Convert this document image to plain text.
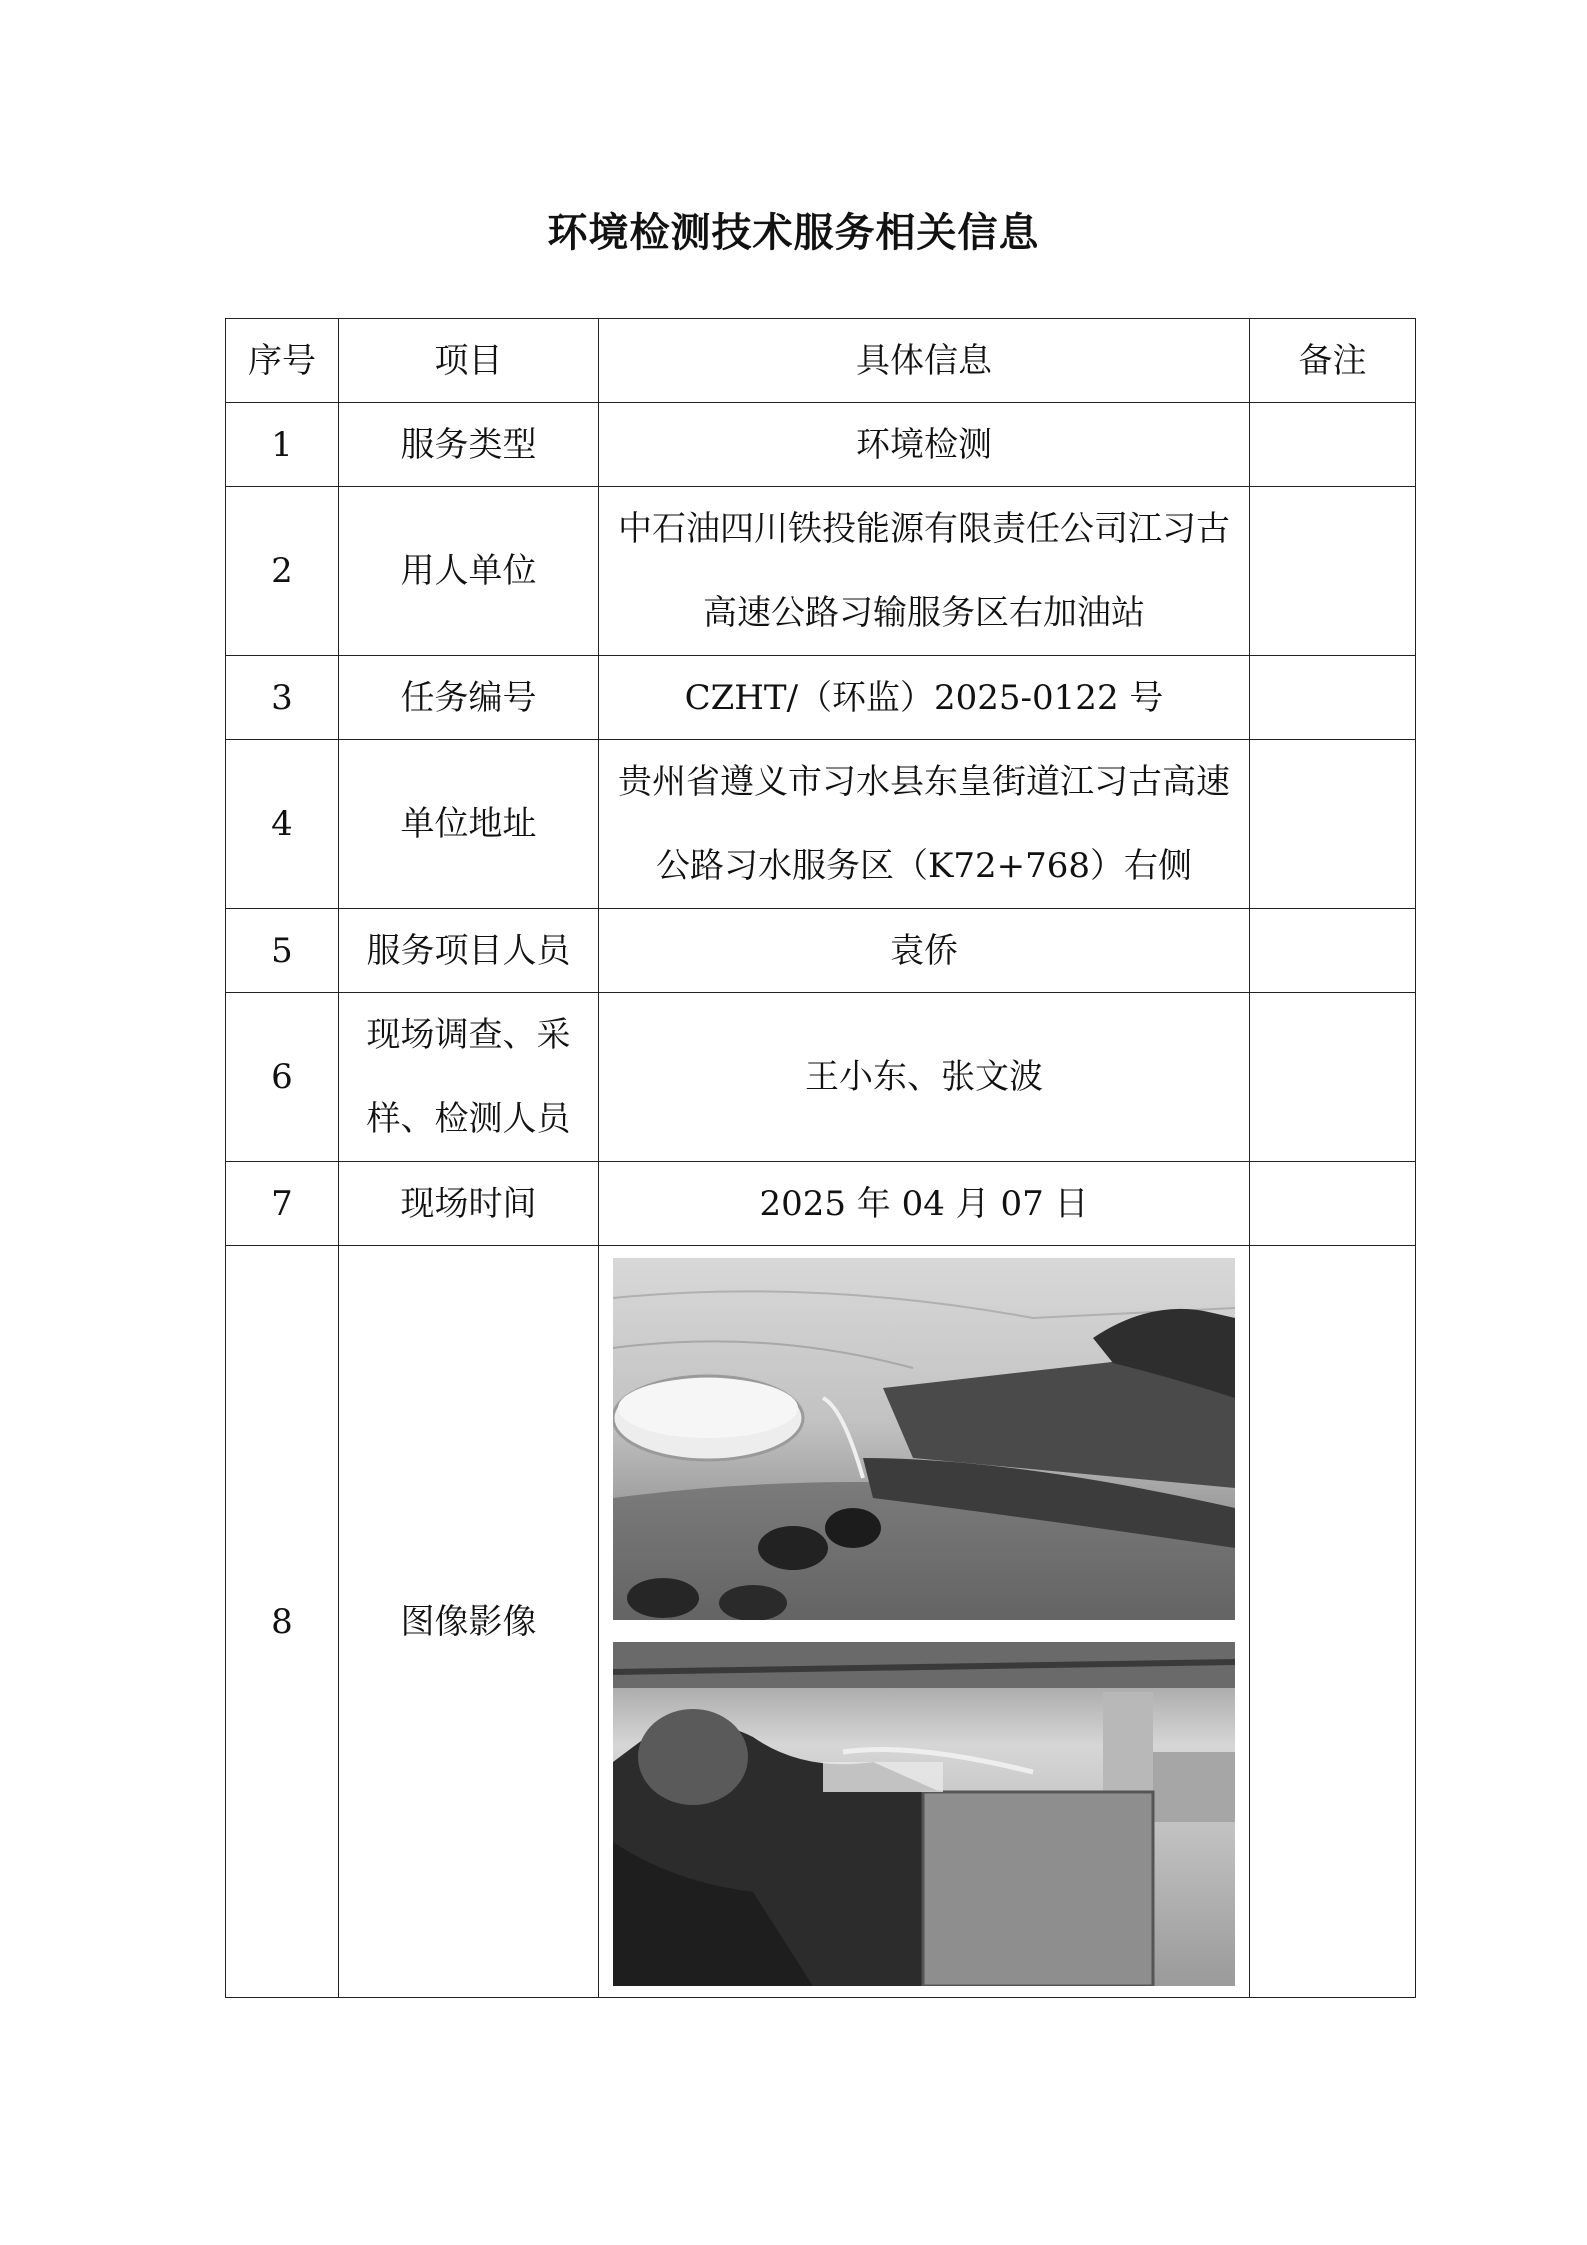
环境检测技术服务相关信息
序号	项目	具体信息	备注
1	服务类型	环境检测	
2	用人单位	中石油四川铁投能源有限责任公司江习古高速公路习输服务区右加油站	
3	任务编号	CZHT/（环监）2025-0122 号	
4	单位地址	贵州省遵义市习水县东皇街道江习古高速公路习水服务区（K72+768）右侧	
5	服务项目人员	袁侨	
6	现场调查、采样、检测人员	王小东、张文波	
7	现场时间	2025 年 04 月 07 日	
8	图像影像	
